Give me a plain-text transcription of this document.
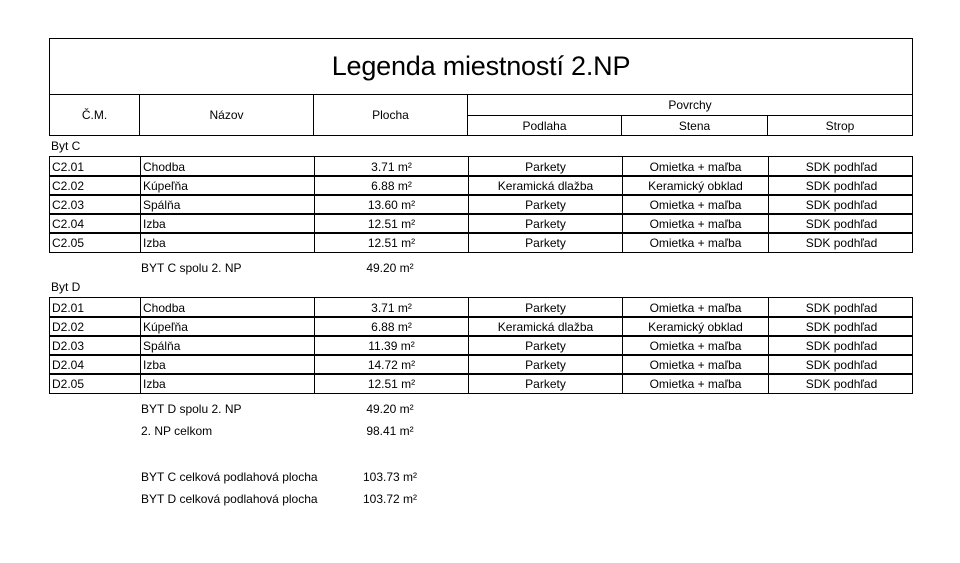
Legenda miestností 2.NP
Č.M.	Názov	Plocha
Povrchy
Podlaha	Stena	Strop
Byt C
C2.01	Chodba	3.71 m²	Parkety	Omietka + maľba	SDK podhľad
C2.02	Kúpeľňa	6.88 m²	Keramická dlažba	Keramický obklad	SDK podhľad
C2.03	Spálňa	13.60 m²	Parkety	Omietka + maľba	SDK podhľad
C2.04	Izba	12.51 m²	Parkety	Omietka + maľba	SDK podhľad
C2.05	Izba	12.51 m²	Parkety	Omietka + maľba	SDK podhľad
BYT C spolu 2. NP	49.20 m²
Byt D
D2.01	Chodba	3.71 m²	Parkety	Omietka + maľba	SDK podhľad
D2.02	Kúpeľňa	6.88 m²	Keramická dlažba	Keramický obklad	SDK podhľad
D2.03	Spálňa	11.39 m²	Parkety	Omietka + maľba	SDK podhľad
D2.04	Izba	14.72 m²	Parkety	Omietka + maľba	SDK podhľad
D2.05	Izba	12.51 m²	Parkety	Omietka + maľba	SDK podhľad
BYT D spolu 2. NP	49.20 m²
2. NP celkom	98.41 m²
BYT C celková podlahová plocha	103.73 m²
BYT D celková podlahová plocha	103.72 m²
